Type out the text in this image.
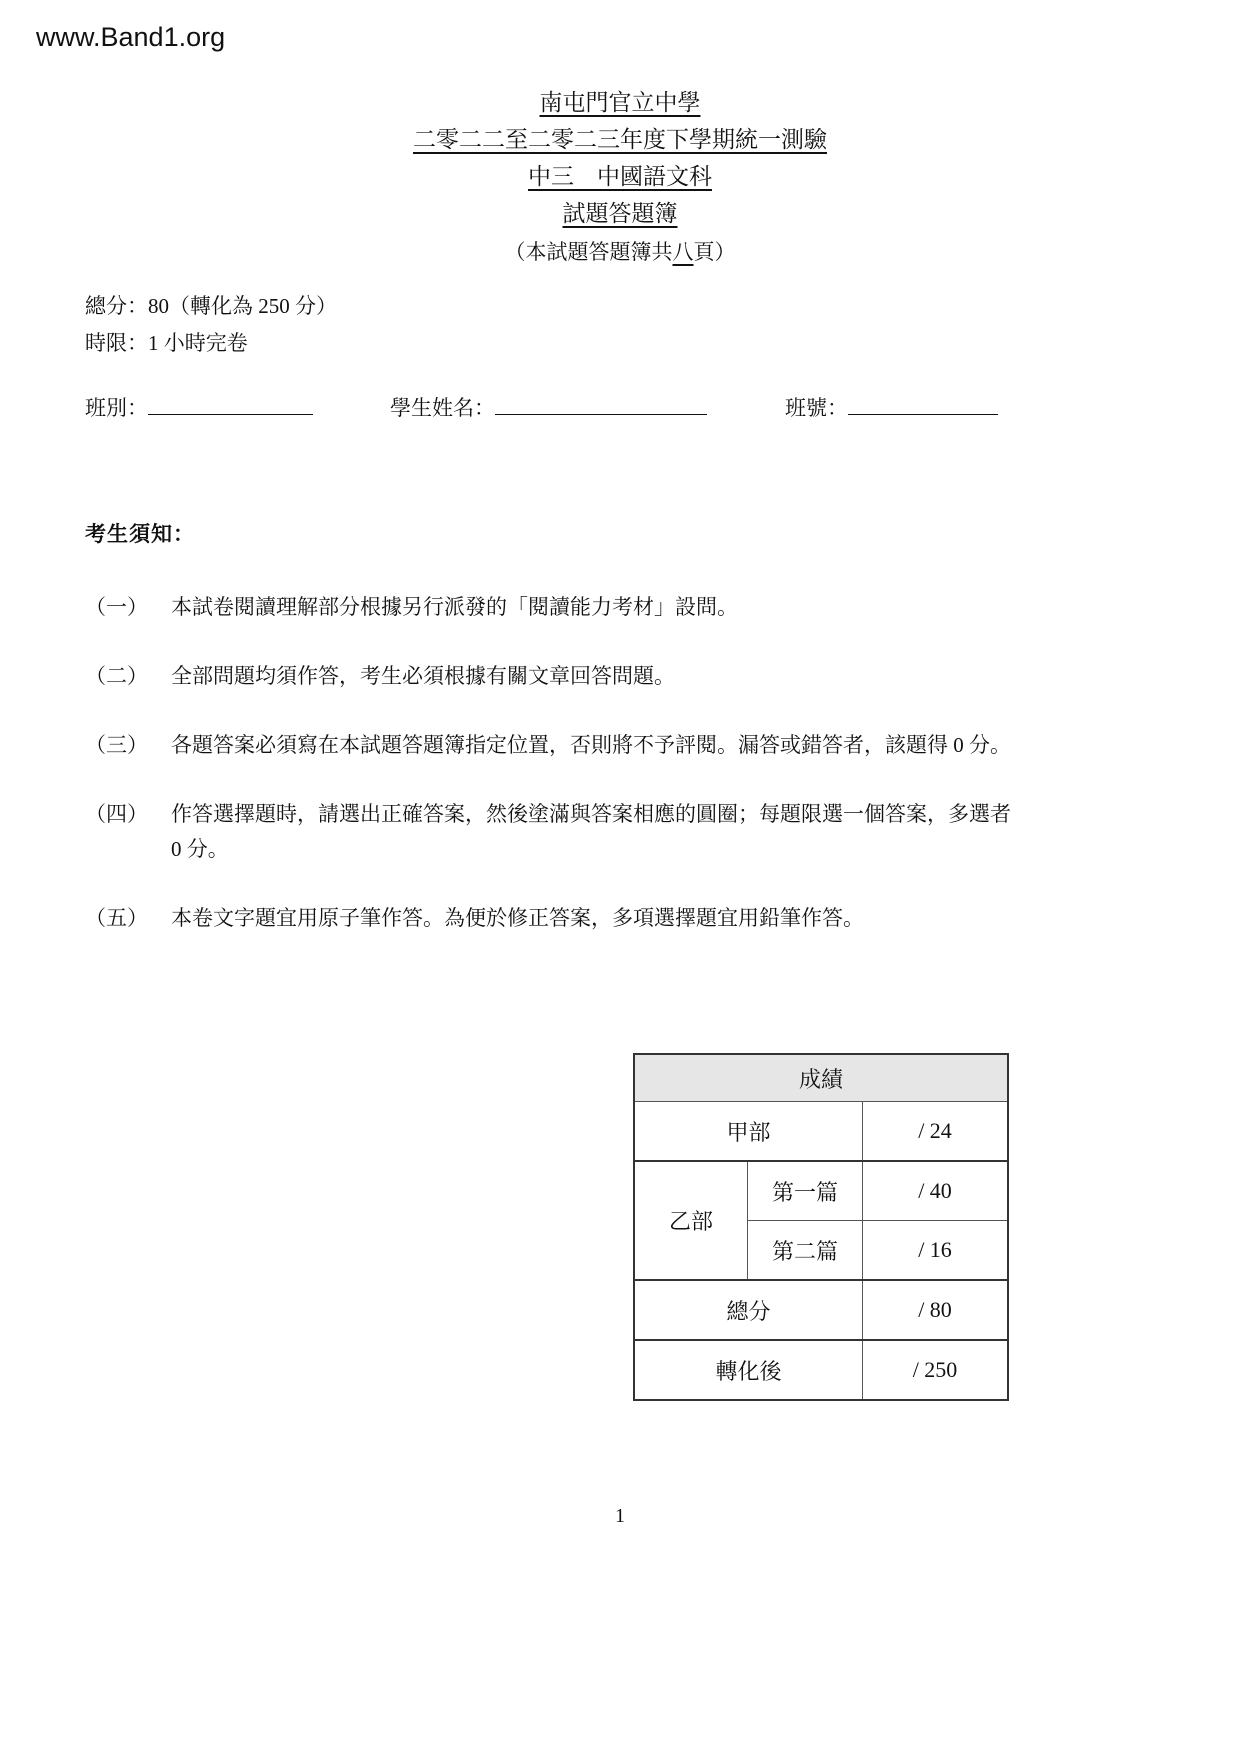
www.Band1.org
南屯門官立中學
二零二二至二零二三年度下學期統一測驗
中三　中國語文科
試題答題簿
（本試題答題簿共八頁）
總分：80（轉化為 250 分）
時限：1 小時完卷
班別：	學生姓名：	班號：
考生須知：
（一）	本試卷閱讀理解部分根據另行派發的「閱讀能力考材」設問。
（二）	全部問題均須作答，考生必須根據有關文章回答問題。
（三）	各題答案必須寫在本試題答題簿指定位置，否則將不予評閱。漏答或錯答者，該題得 0 分。
（四）	作答選擇題時，請選出正確答案，然後塗滿與答案相應的圓圈；每題限選一個答案，多選者 0 分。
（五）	本卷文字題宜用原子筆作答。為便於修正答案，多項選擇題宜用鉛筆作答。
成績		
甲部		/ 24
乙部	第一篇	/ 40
	第二篇	/ 16
總分		/ 80
轉化後		/ 250
1
